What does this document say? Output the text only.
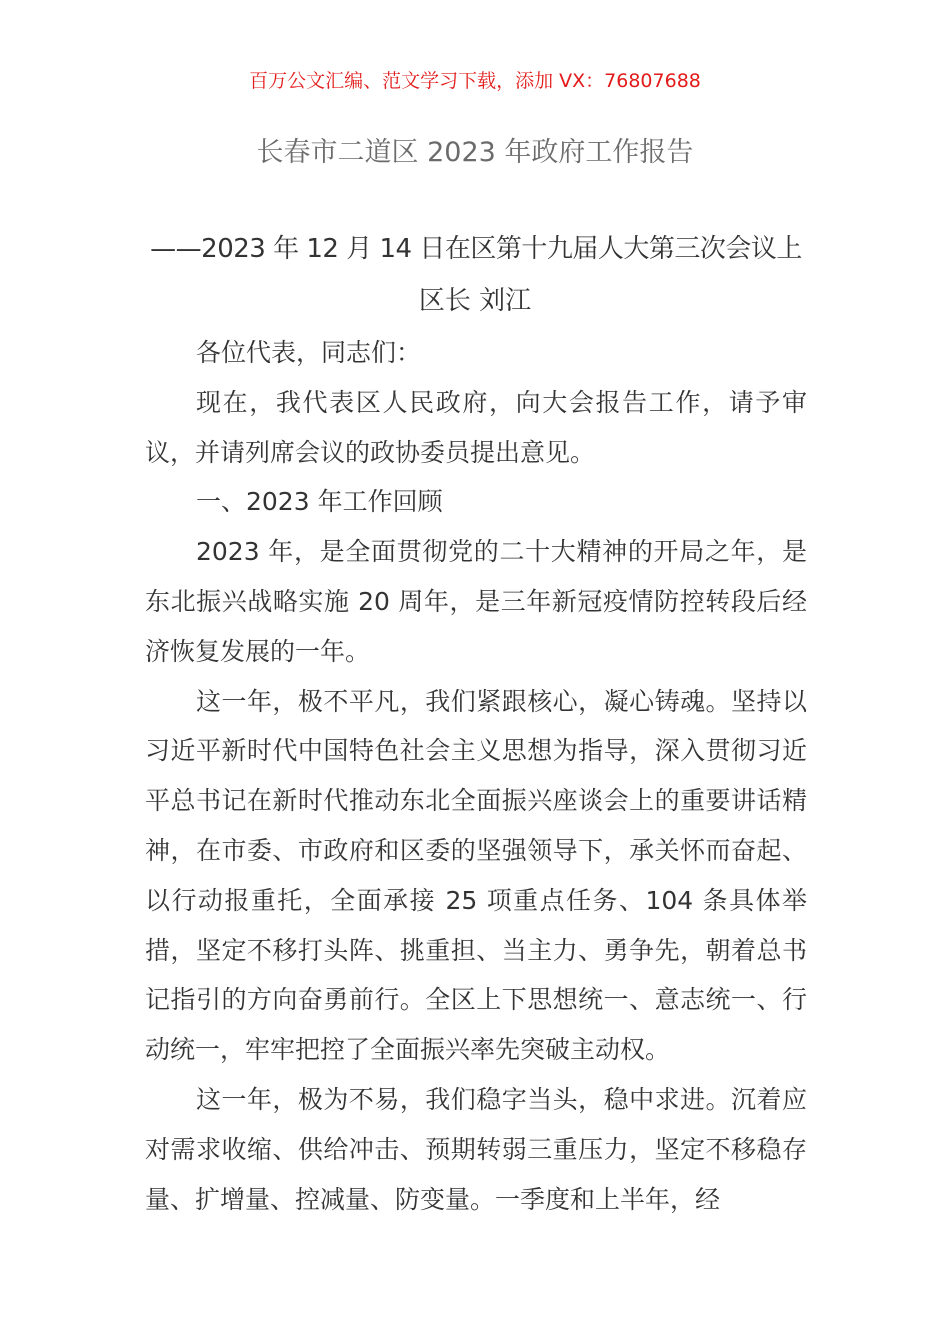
百万公文汇编、范文学习下载，添加 VX：76807688
长春市二道区 2023 年政府工作报告
——2023 年 12 月 14 日在区第十九届人大第三次会议上
区长 刘江

各位代表，同志们：

现在，我代表区人民政府，向大会报告工作，请予审议，并请列席会议的政协委员提出意见。

一、2023 年工作回顾

2023 年，是全面贯彻党的二十大精神的开局之年，是东北振兴战略实施 20 周年，是三年新冠疫情防控转段后经济恢复发展的一年。

这一年，极不平凡，我们紧跟核心，凝心铸魂。坚持以习近平新时代中国特色社会主义思想为指导，深入贯彻习近平总书记在新时代推动东北全面振兴座谈会上的重要讲话精神，在市委、市政府和区委的坚强领导下，承关怀而奋起、以行动报重托，全面承接 25 项重点任务、104 条具体举措，坚定不移打头阵、挑重担、当主力、勇争先，朝着总书记指引的方向奋勇前行。全区上下思想统一、意志统一、行动统一，牢牢把控了全面振兴率先突破主动权。

这一年，极为不易，我们稳字当头，稳中求进。沉着应对需求收缩、供给冲击、预期转弱三重压力，坚定不移稳存量、扩增量、控减量、防变量。一季度和上半年，经
